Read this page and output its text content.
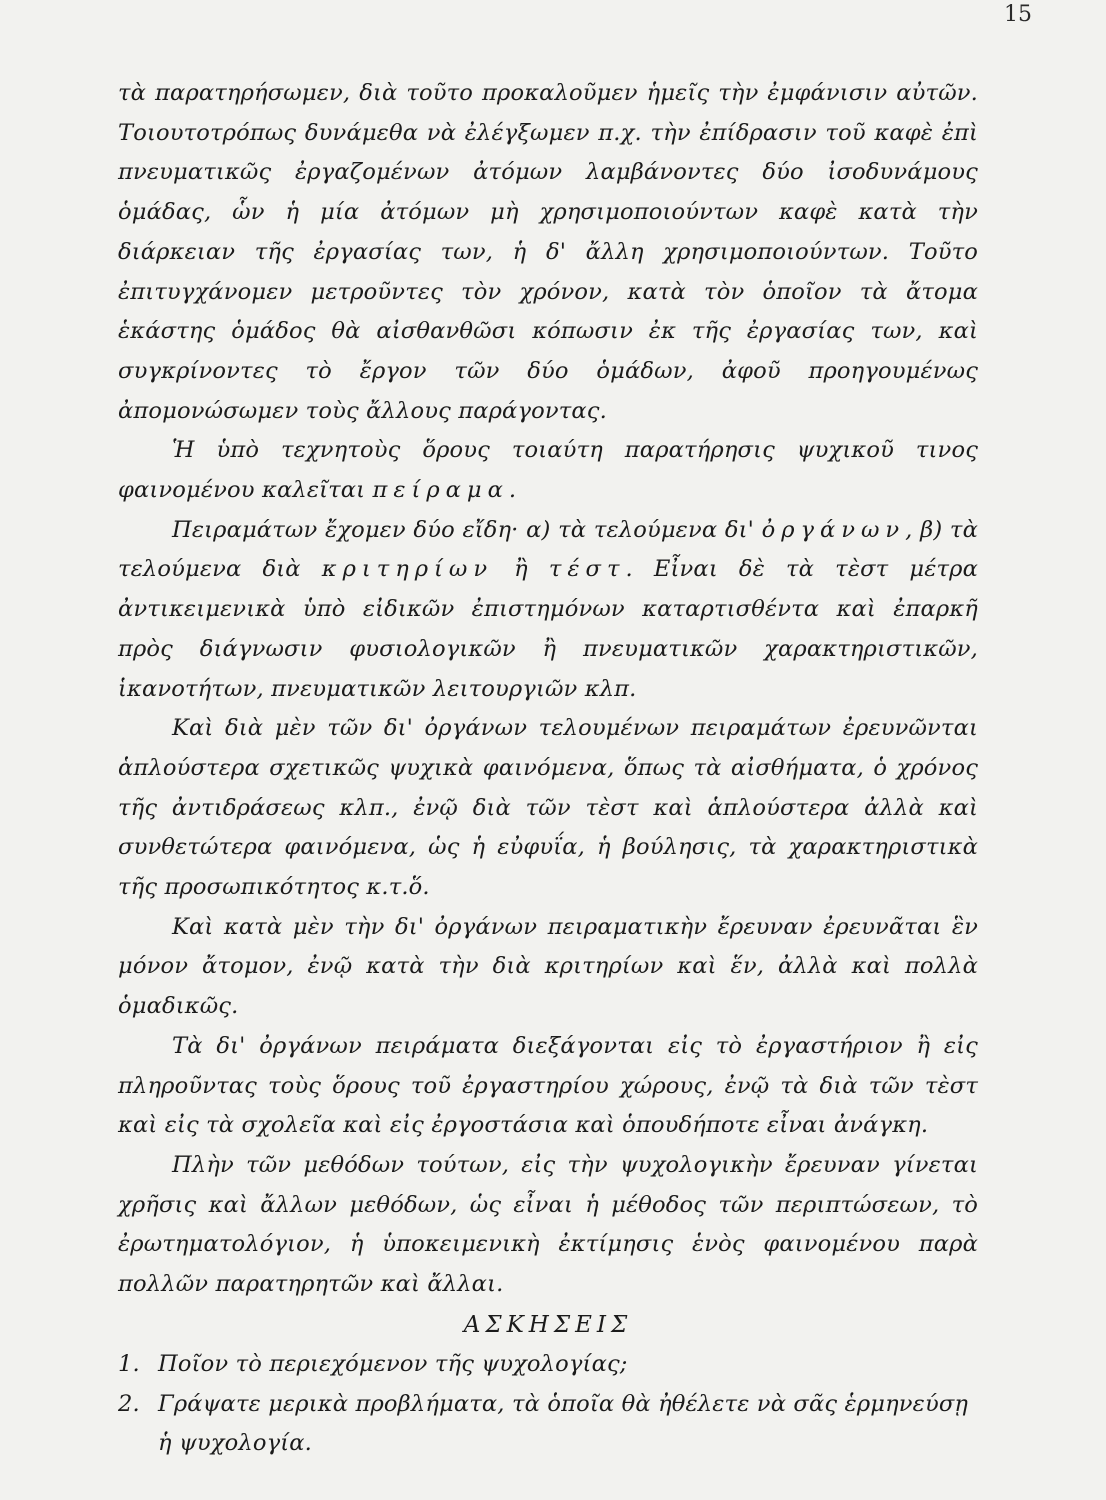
15

τὰ παρατηρήσωμεν, διὰ τοῦτο προκαλοῦμεν ἡμεῖς τὴν ἐμφάνισιν αὐτῶν. Τοιουτοτρόπως δυνάμεθα νὰ ἐλέγξωμεν π.χ. τὴν ἐπίδρασιν τοῦ καφὲ ἐπὶ πνευματικῶς ἐργαζομένων ἀτόμων λαμβάνοντες δύο ἰσοδυνάμους ὁμάδας, ὧν ἡ μία ἀτόμων μὴ χρησιμοποιούντων καφὲ κατὰ τὴν διάρκειαν τῆς ἐργασίας των, ἡ δ' ἄλλη χρησιμοποιούντων. Τοῦτο ἐπιτυγχάνομεν μετροῦντες τὸν χρόνον, κατὰ τὸν ὁποῖον τὰ ἄτομα ἑκάστης ὁμάδος θὰ αἰσθανθῶσι κόπωσιν ἐκ τῆς ἐργασίας των, καὶ συγκρίνοντες τὸ ἔργον τῶν δύο ὁμάδων, ἀφοῦ προηγουμένως ἀπομονώσωμεν τοὺς ἄλλους παράγοντας.

Ἡ ὑπὸ τεχνητοὺς ὅρους τοιαύτη παρατήρησις ψυχικοῦ τινος φαινομένου καλεῖται πείραμα.

Πειραμάτων ἔχομεν δύο εἴδη· α) τὰ τελούμενα δι' ὀργάνων, β) τὰ τελούμενα διὰ κριτηρίων ἢ τέστ. Εἶναι δὲ τὰ τὲστ μέτρα ἀντικειμενικὰ ὑπὸ εἰδικῶν ἐπιστημόνων καταρτισθέντα καὶ ἐπαρκῆ πρὸς διάγνωσιν φυσιολογικῶν ἢ πνευματικῶν χαρακτηριστικῶν, ἱκανοτήτων, πνευματικῶν λειτουργιῶν κλπ.

Καὶ διὰ μὲν τῶν δι' ὀργάνων τελουμένων πειραμάτων ἐρευνῶνται ἁπλούστερα σχετικῶς ψυχικὰ φαινόμενα, ὅπως τὰ αἰσθήματα, ὁ χρόνος τῆς ἀντιδράσεως κλπ., ἐνῷ διὰ τῶν τὲστ καὶ ἁπλούστερα ἀλλὰ καὶ συνθετώτερα φαινόμενα, ὡς ἡ εὐφυΐα, ἡ βούλησις, τὰ χαρακτηριστικὰ τῆς προσωπικότητος κ.τ.ὅ.

Καὶ κατὰ μὲν τὴν δι' ὀργάνων πειραματικὴν ἔρευναν ἐρευνᾶται ἓν μόνον ἄτομον, ἐνῷ κατὰ τὴν διὰ κριτηρίων καὶ ἕν, ἀλλὰ καὶ πολλὰ ὁμαδικῶς.

Τὰ δι' ὀργάνων πειράματα διεξάγονται εἰς τὸ ἐργαστήριον ἢ εἰς πληροῦντας τοὺς ὅρους τοῦ ἐργαστηρίου χώρους, ἐνῷ τὰ διὰ τῶν τὲστ καὶ εἰς τὰ σχολεῖα καὶ εἰς ἐργοστάσια καὶ ὁπουδήποτε εἶναι ἀνάγκη.

Πλὴν τῶν μεθόδων τούτων, εἰς τὴν ψυχολογικὴν ἔρευναν γίνεται χρῆσις καὶ ἄλλων μεθόδων, ὡς εἶναι ἡ μέθοδος τῶν περιπτώσεων, τὸ ἐρωτηματολόγιον, ἡ ὑποκειμενικὴ ἐκτίμησις ἑνὸς φαινομένου παρὰ πολλῶν παρατηρητῶν καὶ ἄλλαι.

ΑΣΚΗΣΕΙΣ

1. Ποῖον τὸ περιεχόμενον τῆς ψυχολογίας;

2. Γράψατε μερικὰ προβλήματα, τὰ ὁποῖα θὰ ἠθέλετε νὰ σᾶς ἑρμηνεύσῃ ἡ ψυχολογία.
